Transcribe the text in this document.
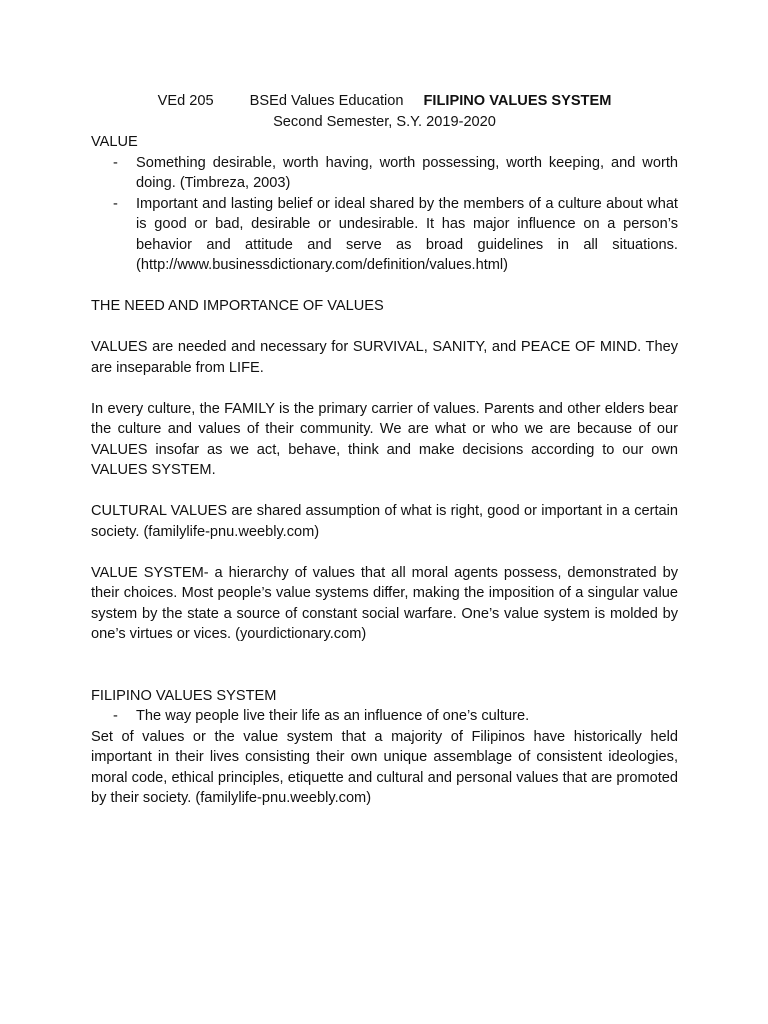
VEd 205 BSEd Values Education FILIPINO VALUES SYSTEM

Second Semester, S.Y. 2019-2020

VALUE

- Something desirable, worth having, worth possessing, worth keeping, and worth doing. (Timbreza, 2003)
- Important and lasting belief or ideal shared by the members of a culture about what is good or bad, desirable or undesirable. It has major influence on a person’s behavior and attitude and serve as broad guidelines in all situations. (http://www.businessdictionary.com/definition/values.html)

THE NEED AND IMPORTANCE OF VALUES

VALUES are needed and necessary for SURVIVAL, SANITY, and PEACE OF MIND. They are inseparable from LIFE.

In every culture, the FAMILY is the primary carrier of values. Parents and other elders bear the culture and values of their community. We are what or who we are because of our VALUES insofar as we act, behave, think and make decisions according to our own VALUES SYSTEM.

CULTURAL VALUES are shared assumption of what is right, good or important in a certain society. (familylife-pnu.weebly.com)

VALUE SYSTEM- a hierarchy of values that all moral agents possess, demonstrated by their choices. Most people’s value systems differ, making the imposition of a singular value system by the state a source of constant social warfare. One’s value system is molded by one’s virtues or vices. (yourdictionary.com)

FILIPINO VALUES SYSTEM

- The way people live their life as an influence of one’s culture.

Set of values or the value system that a majority of Filipinos have historically held important in their lives consisting their own unique assemblage of consistent ideologies, moral code, ethical principles, etiquette and cultural and personal values that are promoted by their society. (familylife-pnu.weebly.com)
